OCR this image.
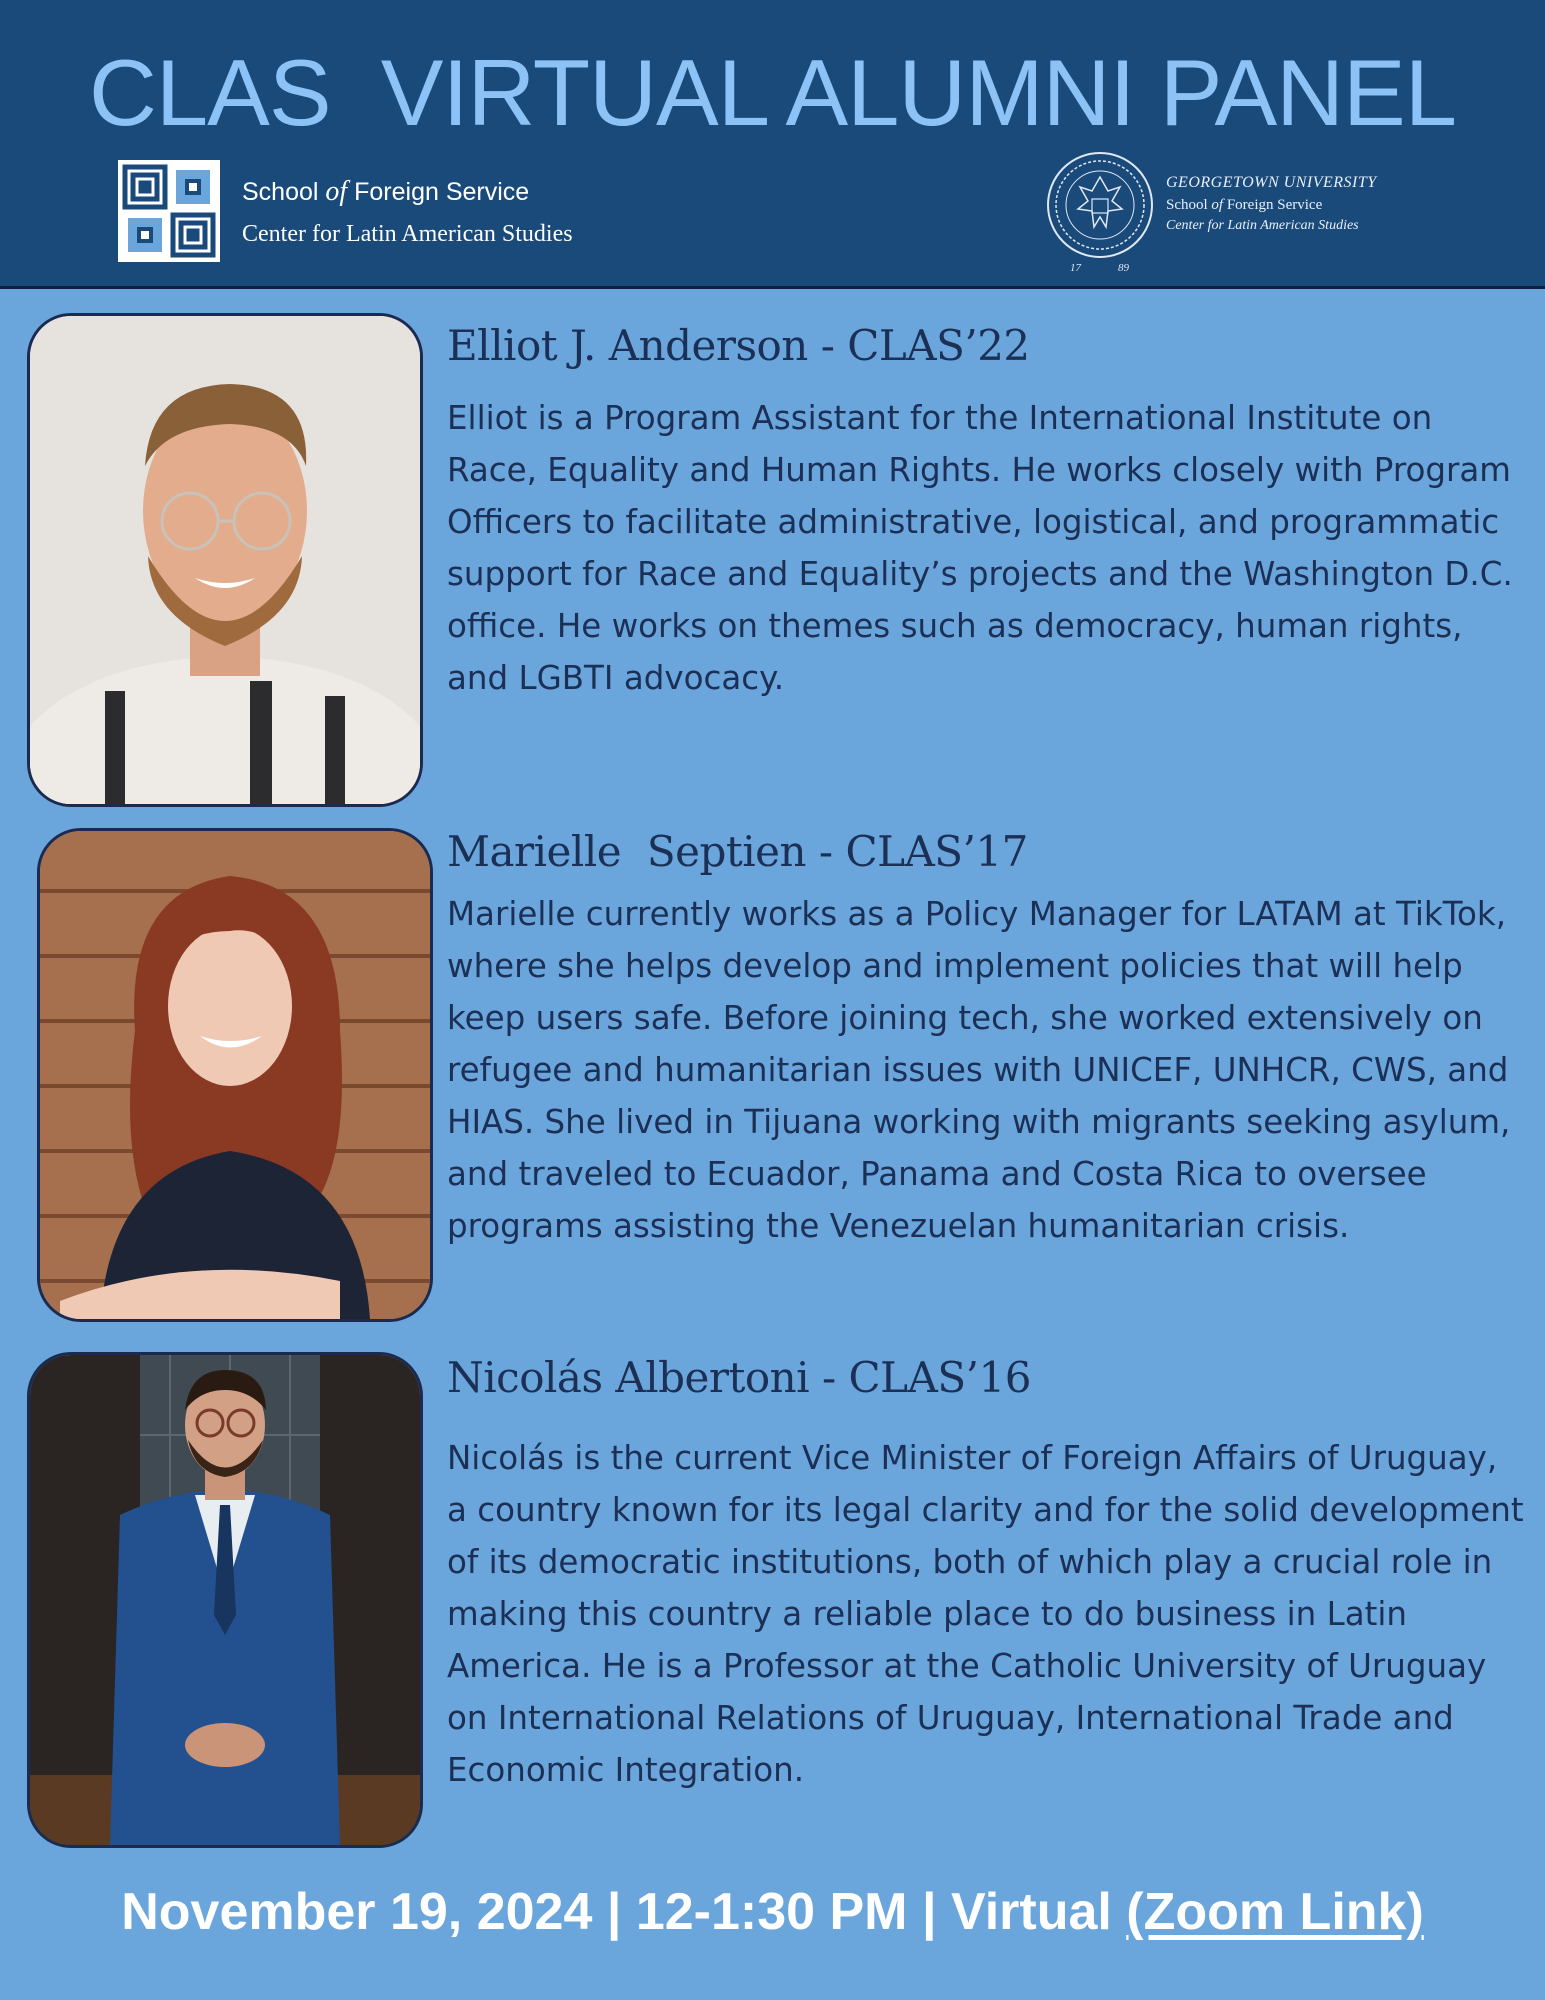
CLAS  VIRTUAL ALUMNI PANEL
School of Foreign Service
Center for Latin American Studies
17	89
GEORGETOWN UNIVERSITY
School of Foreign Service
Center for Latin American Studies
Elliot J. Anderson - CLAS’22
Elliot is a Program Assistant for the International Institute on Race, Equality and Human Rights. He works closely with Program Officers to facilitate administrative, logistical, and programmatic support for Race and Equality’s projects and the Washington D.C. office. He works on themes such as democracy, human rights, and LGBTI advocacy.
Marielle  Septien - CLAS’17
Marielle currently works as a Policy Manager for LATAM at TikTok, where she helps develop and implement policies that will help keep users safe. Before joining tech, she worked extensively on refugee and humanitarian issues with UNICEF, UNHCR, CWS, and HIAS. She lived in Tijuana working with migrants seeking asylum, and traveled to Ecuador, Panama and Costa Rica to oversee programs assisting the Venezuelan humanitarian crisis.
Nicolás Albertoni - CLAS’16
Nicolás is the current Vice Minister of Foreign Affairs of Uruguay, a country known for its legal clarity and for the solid development of its democratic institutions, both of which play a crucial role in making this country a reliable place to do business in Latin America. He is a Professor at the Catholic University of Uruguay on International Relations of Uruguay, International Trade and Economic Integration.
November 19, 2024 | 12-1:30 PM | Virtual (Zoom Link)
